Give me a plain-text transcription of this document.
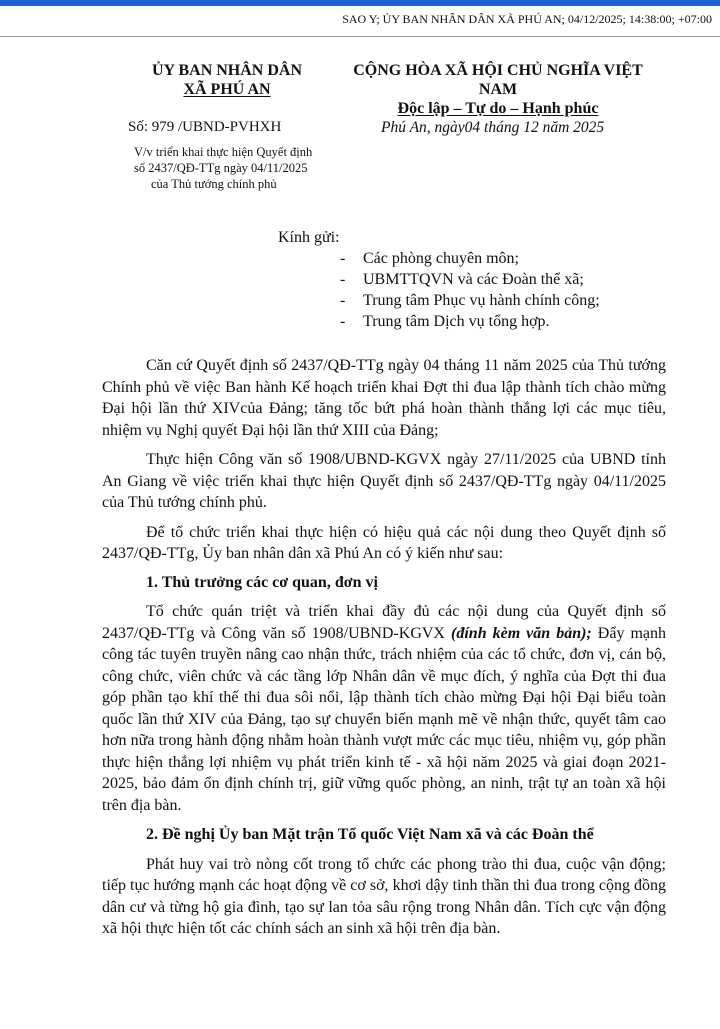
SAO Y; ỦY BAN NHÂN DÂN XÃ PHÚ AN; 04/12/2025; 14:38:00; +07:00
ỦY BAN NHÂN DÂN
XÃ PHÚ AN
CỘNG HÒA XÃ HỘI CHỦ NGHĨA VIỆT NAM
Độc lập – Tự do – Hạnh phúc
Số: 979 /UBND-PVHXH	Phú An, ngày04 tháng 12 năm 2025
V/v triển khai thực hiện Quyết định
số 2437/QĐ-TTg ngày 04/11/2025
của Thủ tướng chính phủ
Kính gửi:
- Các phòng chuyên môn;
- UBMTTQVN và các Đoàn thể xã;
- Trung tâm Phục vụ hành chính công;
- Trung tâm Dịch vụ tổng hợp.

Căn cứ Quyết định số 2437/QĐ-TTg ngày 04 tháng 11 năm 2025 của Thủ tướng Chính phủ về việc Ban hành Kế hoạch triển khai Đợt thi đua lập thành tích chào mừng Đại hội lần thứ XIVcủa Đảng; tăng tốc bứt phá hoàn thành thắng lợi các mục tiêu, nhiệm vụ Nghị quyết Đại hội lần thứ XIII của Đảng;

Thực hiện Công văn số 1908/UBND-KGVX ngày 27/11/2025 của UBND tỉnh An Giang về việc triển khai thực hiện Quyết định số 2437/QĐ-TTg ngày 04/11/2025 của Thủ tướng chính phủ.

Để tổ chức triển khai thực hiện có hiệu quả các nội dung theo Quyết định số 2437/QĐ-TTg, Ủy ban nhân dân xã Phú An có ý kiến như sau:

1. Thủ trưởng các cơ quan, đơn vị

Tổ chức quán triệt và triển khai đầy đủ các nội dung của Quyết định số 2437/QĐ-TTg và Công văn số 1908/UBND-KGVX (đính kèm văn bản); Đẩy mạnh công tác tuyên truyền nâng cao nhận thức, trách nhiệm của các tổ chức, đơn vị, cán bộ, công chức, viên chức và các tầng lớp Nhân dân về mục đích, ý nghĩa của Đợt thi đua góp phần tạo khí thế thi đua sôi nổi, lập thành tích chào mừng Đại hội Đại biểu toàn quốc lần thứ XIV của Đảng, tạo sự chuyển biến mạnh mẽ về nhận thức, quyết tâm cao hơn nữa trong hành động nhằm hoàn thành vượt mức các mục tiêu, nhiệm vụ, góp phần thực hiện thắng lợi nhiệm vụ phát triển kinh tế - xã hội năm 2025 và giai đoạn 2021-2025, bảo đảm ổn định chính trị, giữ vững quốc phòng, an ninh, trật tự an toàn xã hội trên địa bàn.

2. Đề nghị Ủy ban Mặt trận Tổ quốc Việt Nam xã và các Đoàn thể

Phát huy vai trò nòng cốt trong tổ chức các phong trào thi đua, cuộc vận động; tiếp tục hướng mạnh các hoạt động về cơ sở, khơi dậy tinh thần thi đua trong cộng đồng dân cư và từng hộ gia đình, tạo sự lan tỏa sâu rộng trong Nhân dân. Tích cực vận động xã hội thực hiện tốt các chính sách an sinh xã hội trên địa bàn.
